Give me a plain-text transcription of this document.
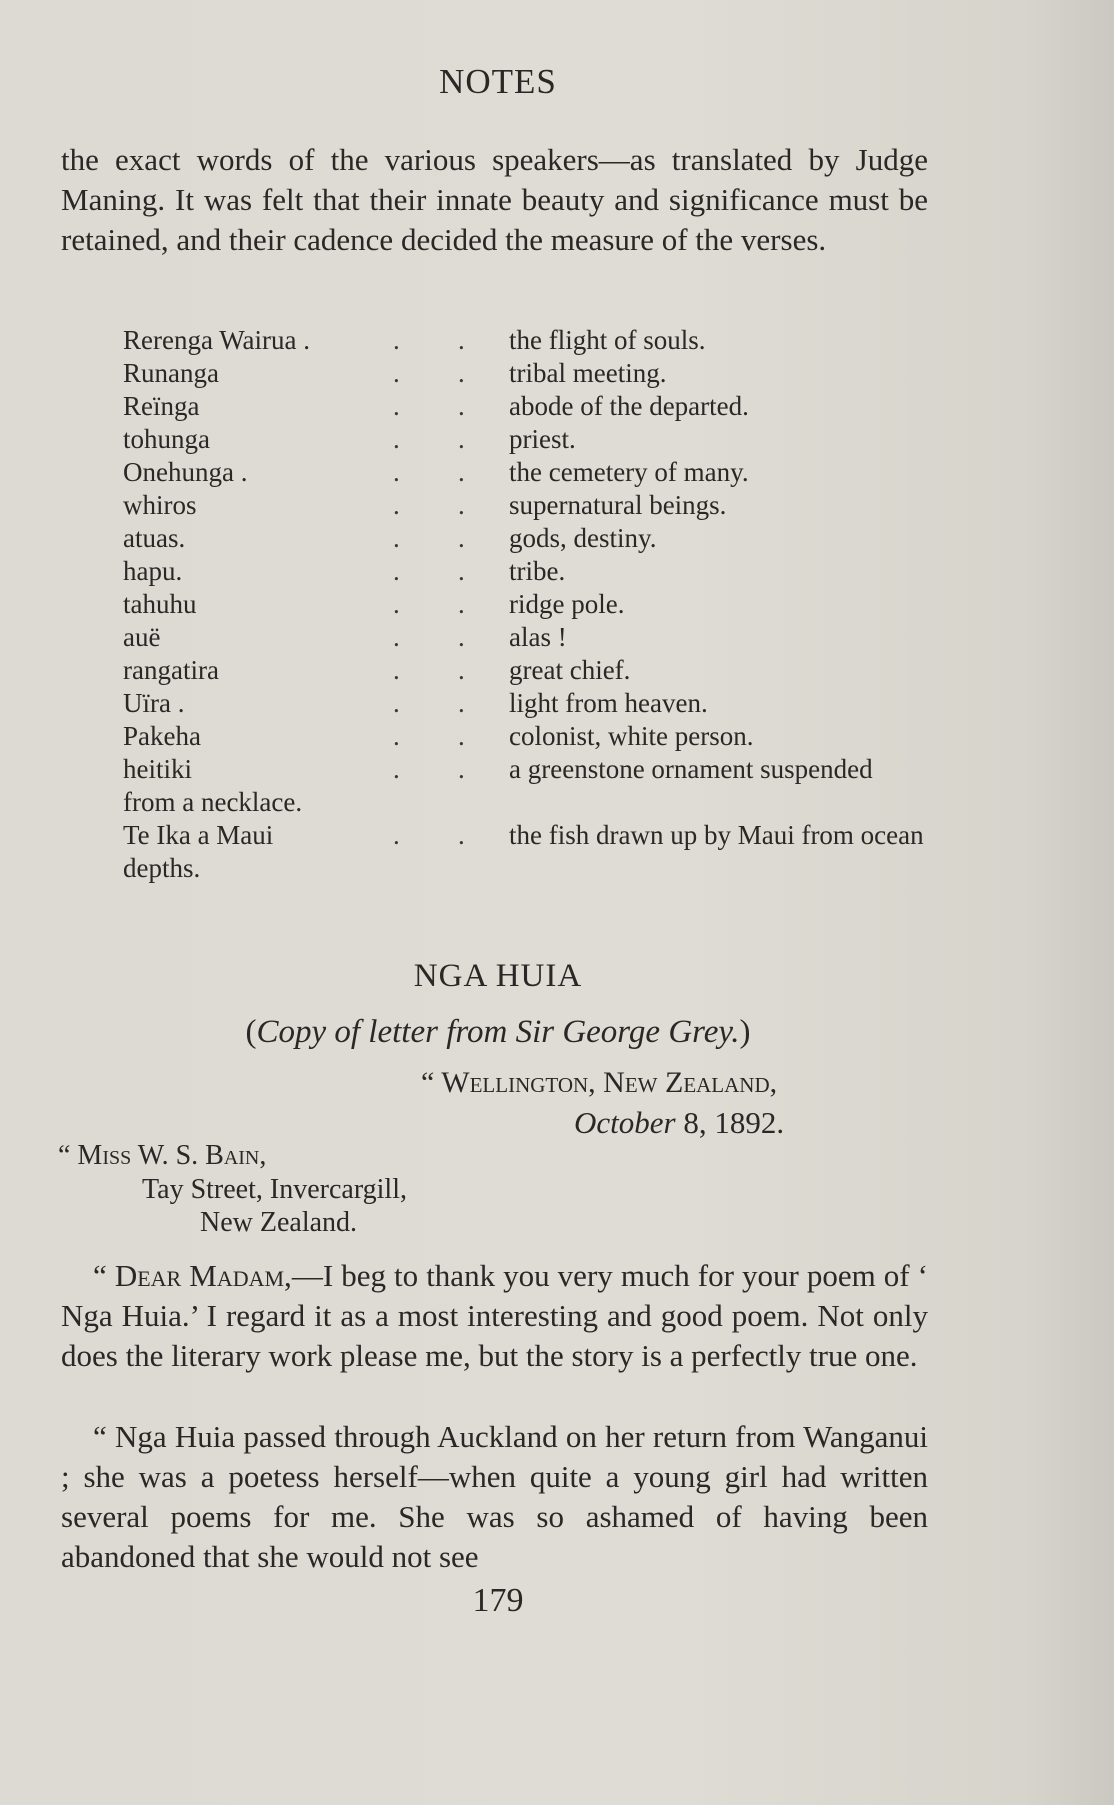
NOTES

the exact words of the various speakers—as translated by Judge Maning. It was felt that their innate beauty and significance must be retained, and their cadence decided the measure of the verses.

Rerenga Wairua .	. . the flight of souls.
Runanga	. . tribal meeting.
Reïnga	. . abode of the departed.
tohunga	. . priest.
Onehunga .	. . the cemetery of many.
whiros	. . supernatural beings.
atuas.	. . gods, destiny.
hapu.	. . tribe.
tahuhu	. . ridge pole.
auë	. . alas !
rangatira	. . great chief.
Uïra .	. . light from heaven.
Pakeha	. . colonist, white person.
heitiki	. . a greenstone ornament suspended from a necklace.
Te Ika a Maui	. . the fish drawn up by Maui from ocean depths.
NGA HUIA
(Copy of letter from Sir George Grey.)
“ Wellington, New Zealand,
October 8, 1892.
“ Miss W. S. Bain,
Tay Street, Invercargill,
New Zealand.

“ Dear Madam,—I beg to thank you very much for your poem of ‘ Nga Huia.’ I regard it as a most interesting and good poem. Not only does the literary work please me, but the story is a perfectly true one.

“ Nga Huia passed through Auckland on her return from Wanganui ; she was a poetess herself—when quite a young girl had written several poems for me. She was so ashamed of having been abandoned that she would not see

179
